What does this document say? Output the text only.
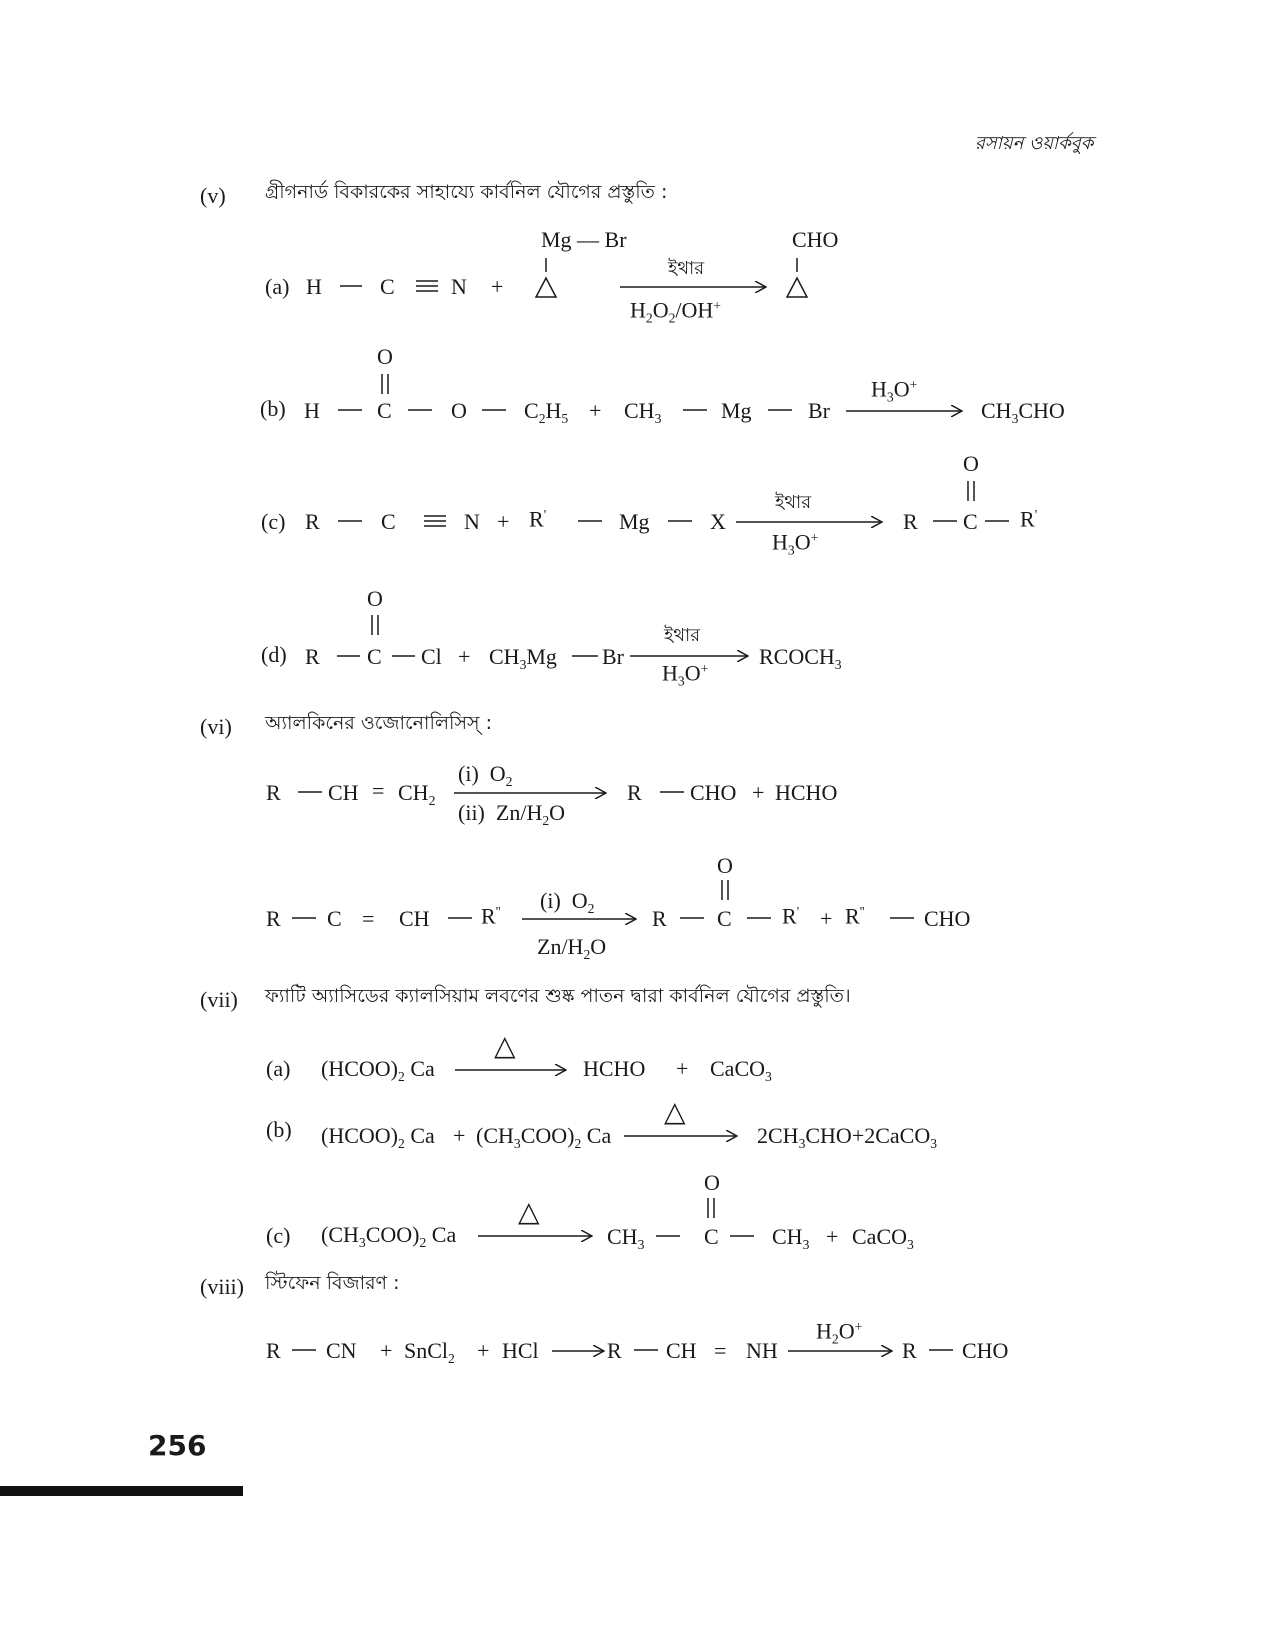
রসায়ন ওয়ার্কবুক
256
(v) গ্রীগনার্ড বিকারকের সাহায্যে কার্বনিল যৌগের প্রস্তুতি :
(a) H	C	N +
Mg — Br
ইথার
$H_2O_2/OH^+$
CHO
O
(b) H	C	O	$C_2H_5 + CH_3$	Mg	Br
$H_3O^+$
$CH_3CHO$
(c) R	C	N + R'	Mg	X
ইথার
$H_3O^+$
O
R C R'
O
(d) R C $Cl + CH_3Mg$ Br
ইথার
$H_3O^+$ $RCOCH_3$
(vi) অ্যালকিনের ওজোনোলিসিস্ :
R CH = $CH_2$
(i)  $O_2$
(ii)  $Zn/H_2O$
R CHO + HCHO
O
R C = CH R'' (i)  $O_2$
$Zn/H_2O$
R C R' + R''	CHO
(vii) ফ্যাটি অ্যাসিডের ক্যালসিয়াম লবণের শুষ্ক পাতন দ্বারা কার্বনিল যৌগের প্রস্তুতি।
(a) $(HCOO)_2$ Ca
△
HCHO + CaCO$_3$
(b) $(HCOO)_2$ $Ca + (CH_3COO)_2$ Ca
△
$2CH_3CHO+2CaCO_3$
(c) $(CH_3COO)_2$ Ca
△
O
$CH_3$	C $CH_3$ + CaCO$_3$
(viii) স্টিফেন বিজারণ :
R CN + SnCl$_2$ + HCl	R CH = NH
$H_2O^+$
R CHO
